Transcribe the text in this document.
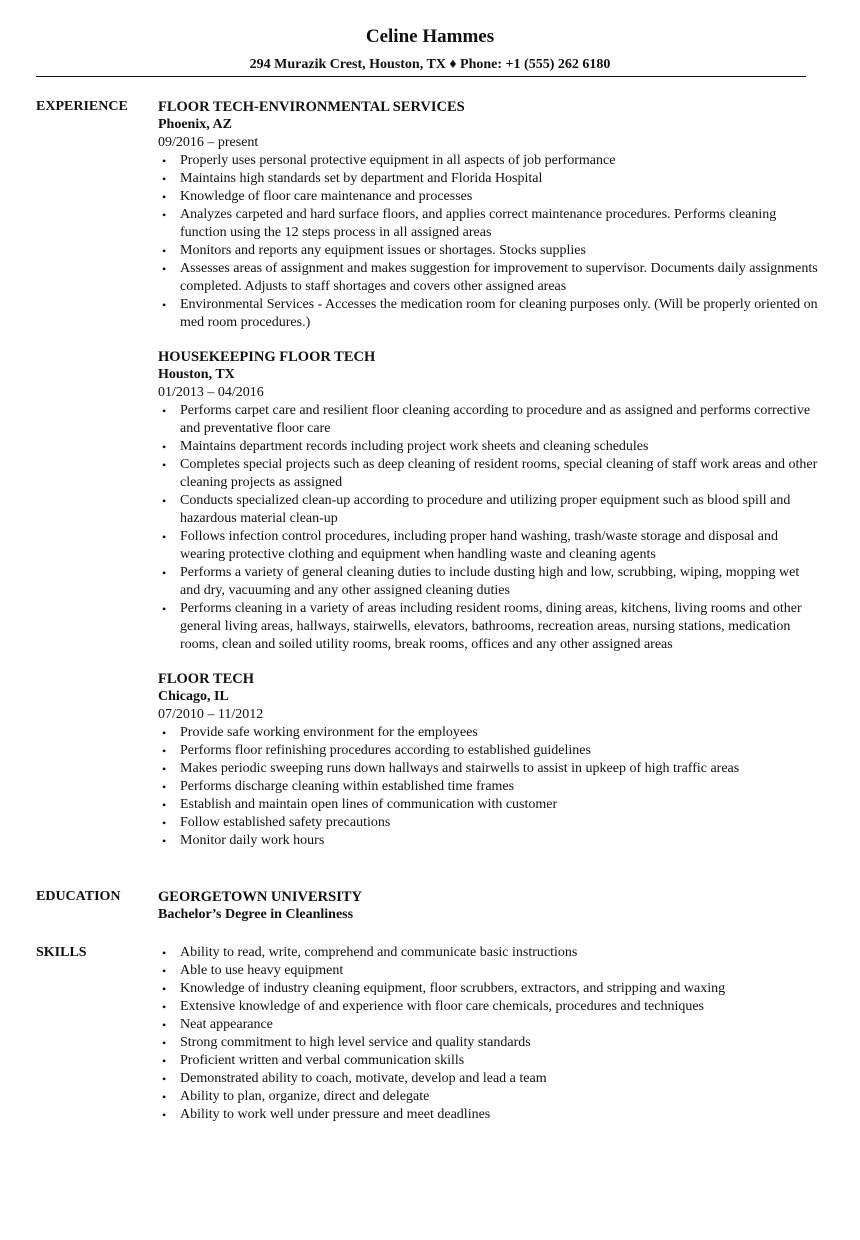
Celine Hammes
294 Murazik Crest, Houston, TX ♦ Phone: +1 (555) 262 6180
EXPERIENCE FLOOR TECH-ENVIRONMENTAL SERVICES
Phoenix, AZ
09/2016 – present
• Properly uses personal protective equipment in all aspects of job performance
• Maintains high standards set by department and Florida Hospital
• Knowledge of floor care maintenance and processes
• Analyzes carpeted and hard surface floors, and applies correct maintenance procedures. Performs cleaning function using the 12 steps process in all assigned areas
• Monitors and reports any equipment issues or shortages. Stocks supplies
• Assesses areas of assignment and makes suggestion for improvement to supervisor. Documents daily assignments completed. Adjusts to staff shortages and covers other assigned areas
• Environmental Services - Accesses the medication room for cleaning purposes only. (Will be properly oriented on med room procedures.)
HOUSEKEEPING FLOOR TECH
Houston, TX
01/2013 – 04/2016
• Performs carpet care and resilient floor cleaning according to procedure and as assigned and performs corrective and preventative floor care
• Maintains department records including project work sheets and cleaning schedules
• Completes special projects such as deep cleaning of resident rooms, special cleaning of staff work areas and other cleaning projects as assigned
• Conducts specialized clean-up according to procedure and utilizing proper equipment such as blood spill and hazardous material clean-up
• Follows infection control procedures, including proper hand washing, trash/waste storage and disposal and wearing protective clothing and equipment when handling waste and cleaning agents
• Performs a variety of general cleaning duties to include dusting high and low, scrubbing, wiping, mopping wet and dry, vacuuming and any other assigned cleaning duties
• Performs cleaning in a variety of areas including resident rooms, dining areas, kitchens, living rooms and other general living areas, hallways, stairwells, elevators, bathrooms, recreation areas, nursing stations, medication rooms, clean and soiled utility rooms, break rooms, offices and any other assigned areas
FLOOR TECH
Chicago, IL
07/2010 – 11/2012
• Provide safe working environment for the employees
• Performs floor refinishing procedures according to established guidelines
• Makes periodic sweeping runs down hallways and stairwells to assist in upkeep of high traffic areas
• Performs discharge cleaning within established time frames
• Establish and maintain open lines of communication with customer
• Follow established safety precautions
• Monitor daily work hours
EDUCATION	GEORGETOWN UNIVERSITY
Bachelor’s Degree in Cleanliness
SKILLS	• Ability to read, write, comprehend and communicate basic instructions
• Able to use heavy equipment
• Knowledge of industry cleaning equipment, floor scrubbers, extractors, and stripping and waxing
• Extensive knowledge of and experience with floor care chemicals, procedures and techniques
• Neat appearance
• Strong commitment to high level service and quality standards
• Proficient written and verbal communication skills
• Demonstrated ability to coach, motivate, develop and lead a team
• Ability to plan, organize, direct and delegate
• Ability to work well under pressure and meet deadlines
